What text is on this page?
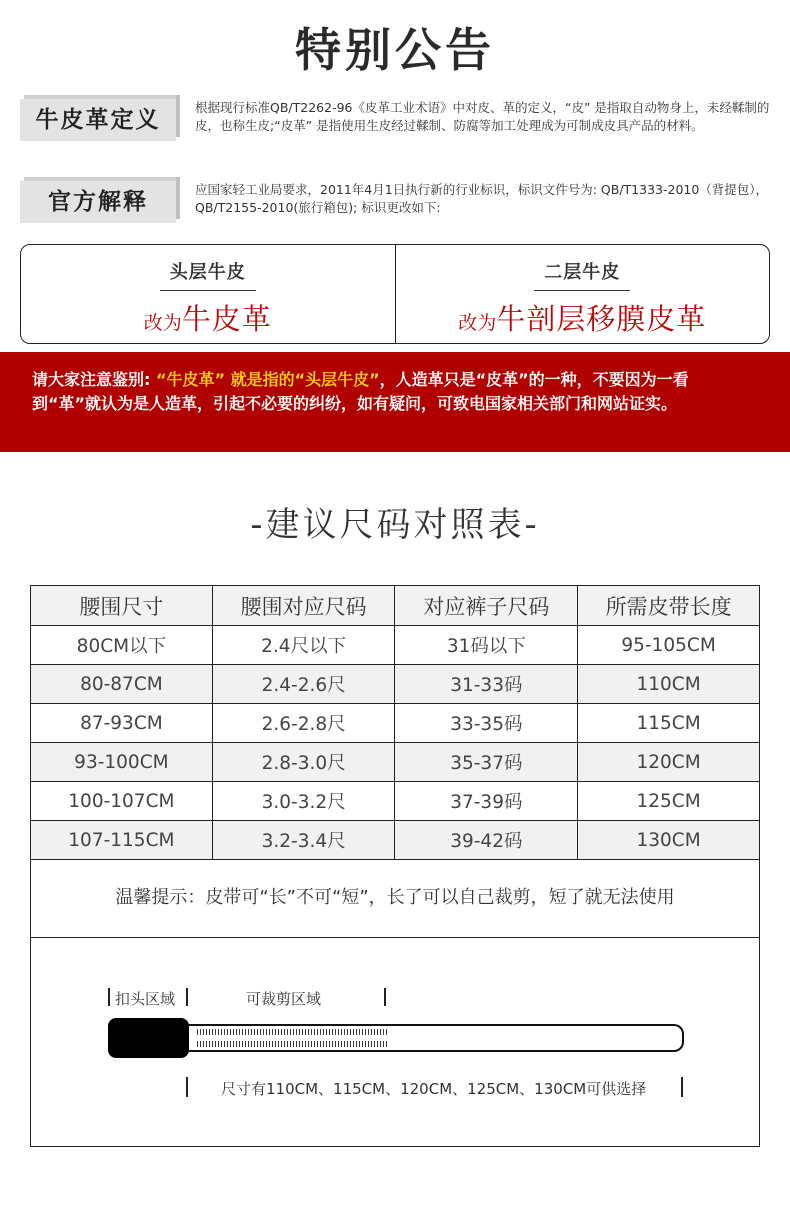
特别公告
牛皮革定义	根据现行标准QB/T2262-96《皮革工业术语》中对皮、革的定义，“皮” 是指取自动物身上，未经鞣制的皮，也称生皮;“皮革” 是指使用生皮经过鞣制、防腐等加工处理成为可制成皮具产品的材料。
官方解释	应国家轻工业局要求，2011年4月1日执行新的行业标识，标识文件号为: QB/T1333-2010（背提包），QB/T2155-2010(旅行箱包); 标识更改如下:
头层牛皮
改为牛皮革
二层牛皮
改为牛剖层移膜皮革
请大家注意鉴别: “牛皮革” 就是指的“头层牛皮”，人造革只是“皮革”的一种，不要因为一看到“革”就认为是人造革，引起不必要的纠纷，如有疑问，可致电国家相关部门和网站证实。
-建议尺码对照表-
腰围尺寸	腰围对应尺码	对应裤子尺码	所需皮带长度
80CM以下	2.4尺以下	31码以下	95-105CM
80-87CM	2.4-2.6尺	31-33码	110CM
87-93CM	2.6-2.8尺	33-35码	115CM
93-100CM	2.8-3.0尺	35-37码	120CM
100-107CM	3.0-3.2尺	37-39码	125CM
107-115CM	3.2-3.4尺	39-42码	130CM
温馨提示：皮带可“长”不可“短”，长了可以自己裁剪，短了就无法使用
扣头区域	可裁剪区域
尺寸有110CM、115CM、120CM、125CM、130CM可供选择
